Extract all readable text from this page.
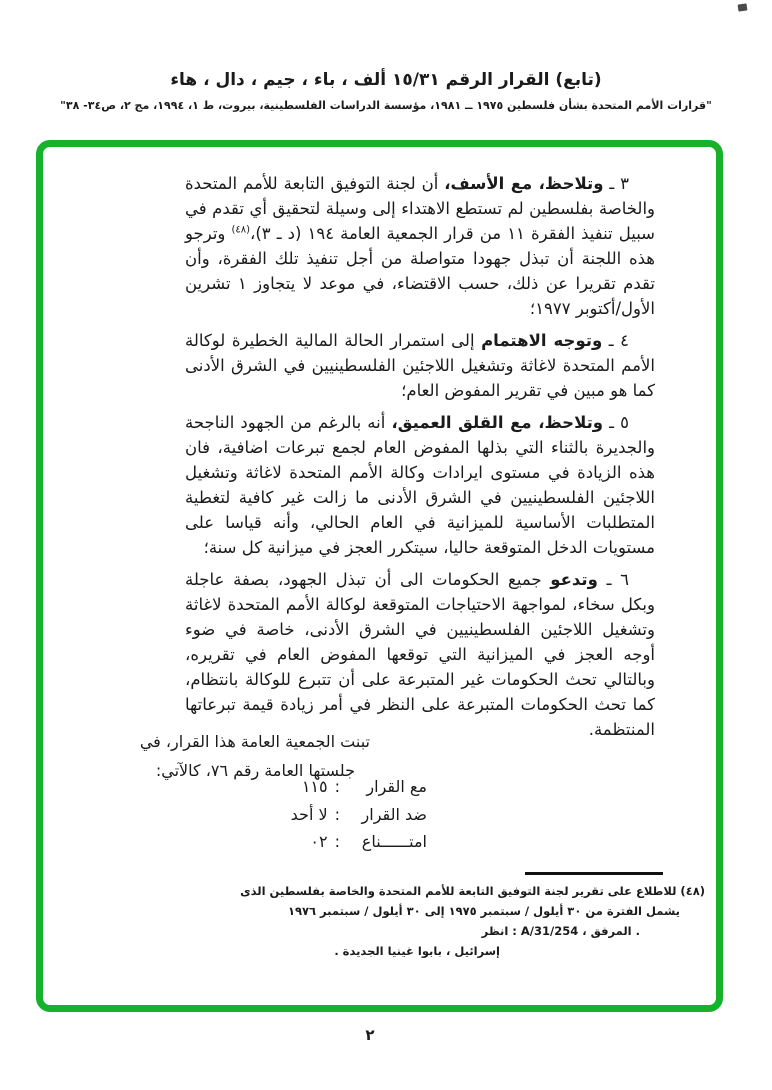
(تابع) القرار الرقم ١٥/٣١ ألف ، باء ، جيم ، دال ، هاء
"قرارات الأمم المتحدة بشأن فلسطين ١٩٧٥ ــ ١٩٨١، مؤسسة الدراسات الفلسطينية، بيروت، ط ١، ١٩٩٤، مج ٢، ص٣٤- ٣٨"

٣ ـ وتلاحظ، مع الأسف، أن لجنة التوفيق التابعة للأمم المتحدة والخاصة بفلسطين لم تستطع الاهتداء إلى وسيلة لتحقيق أي تقدم في سبيل تنفيذ الفقرة ١١ من قرار الجمعية العامة ١٩٤ (د ـ ٣)،$^{(٤٨)}$ وترجو هذه اللجنة أن تبذل جهودا متواصلة من أجل تنفيذ تلك الفقرة، وأن تقدم تقريرا عن ذلك، حسب الاقتضاء، في موعد لا يتجاوز ١ تشرين الأول/أكتوبر ١٩٧٧؛

٤ ـ وتوجه الاهتمام إلى استمرار الحالة المالية الخطيرة لوكالة الأمم المتحدة لاغاثة وتشغيل اللاجئين الفلسطينيين في الشرق الأدنى كما هو مبين في تقرير المفوض العام؛

٥ ـ وتلاحظ، مع القلق العميق، أنه بالرغم من الجهود الناجحة والجديرة بالثناء التي بذلها المفوض العام لجمع تبرعات اضافية، فان هذه الزيادة في مستوى ايرادات وكالة الأمم المتحدة لاغاثة وتشغيل اللاجئين الفلسطينيين في الشرق الأدنى ما زالت غير كافية لتغطية المتطلبات الأساسية للميزانية في العام الحالي، وأنه قياسا على مستويات الدخل المتوقعة حاليا، سيتكرر العجز في ميزانية كل سنة؛

٦ ـ وتدعو جميع الحكومات الى أن تبذل الجهود، بصفة عاجلة وبكل سخاء، لمواجهة الاحتياجات المتوقعة لوكالة الأمم المتحدة لاغاثة وتشغيل اللاجئين الفلسطينيين في الشرق الأدنى، خاصة في ضوء أوجه العجز في الميزانية التي توقعها المفوض العام في تقريره، وبالتالي تحث الحكومات غير المتبرعة على أن تتبرع للوكالة بانتظام، كما تحث الحكومات المتبرعة على النظر في أمر زيادة قيمة تبرعاتها المنتظمة.

تبنت الجمعية العامة هذا القرار، في
جلستها العامة رقم ٧٦، كالآتي:
مع القرار
:
١١٥
ضد القرار
:
لا أحد
امتــــــناع
:
٠٢
(٤٨) للاطلاع على تقرير لجنة التوفيق التابعة للأمم المتحدة والخاصة بفلسطين الذى
يشمل الفترة من ٣٠ أيلول / سبتمبر ١٩٧٥ إلى ٣٠ أيلول / سبتمبر ١٩٧٦
انظر : A/31/254 ، المرفق .
إسرائيل ، بابوا غينيا الجديدة .
٢
